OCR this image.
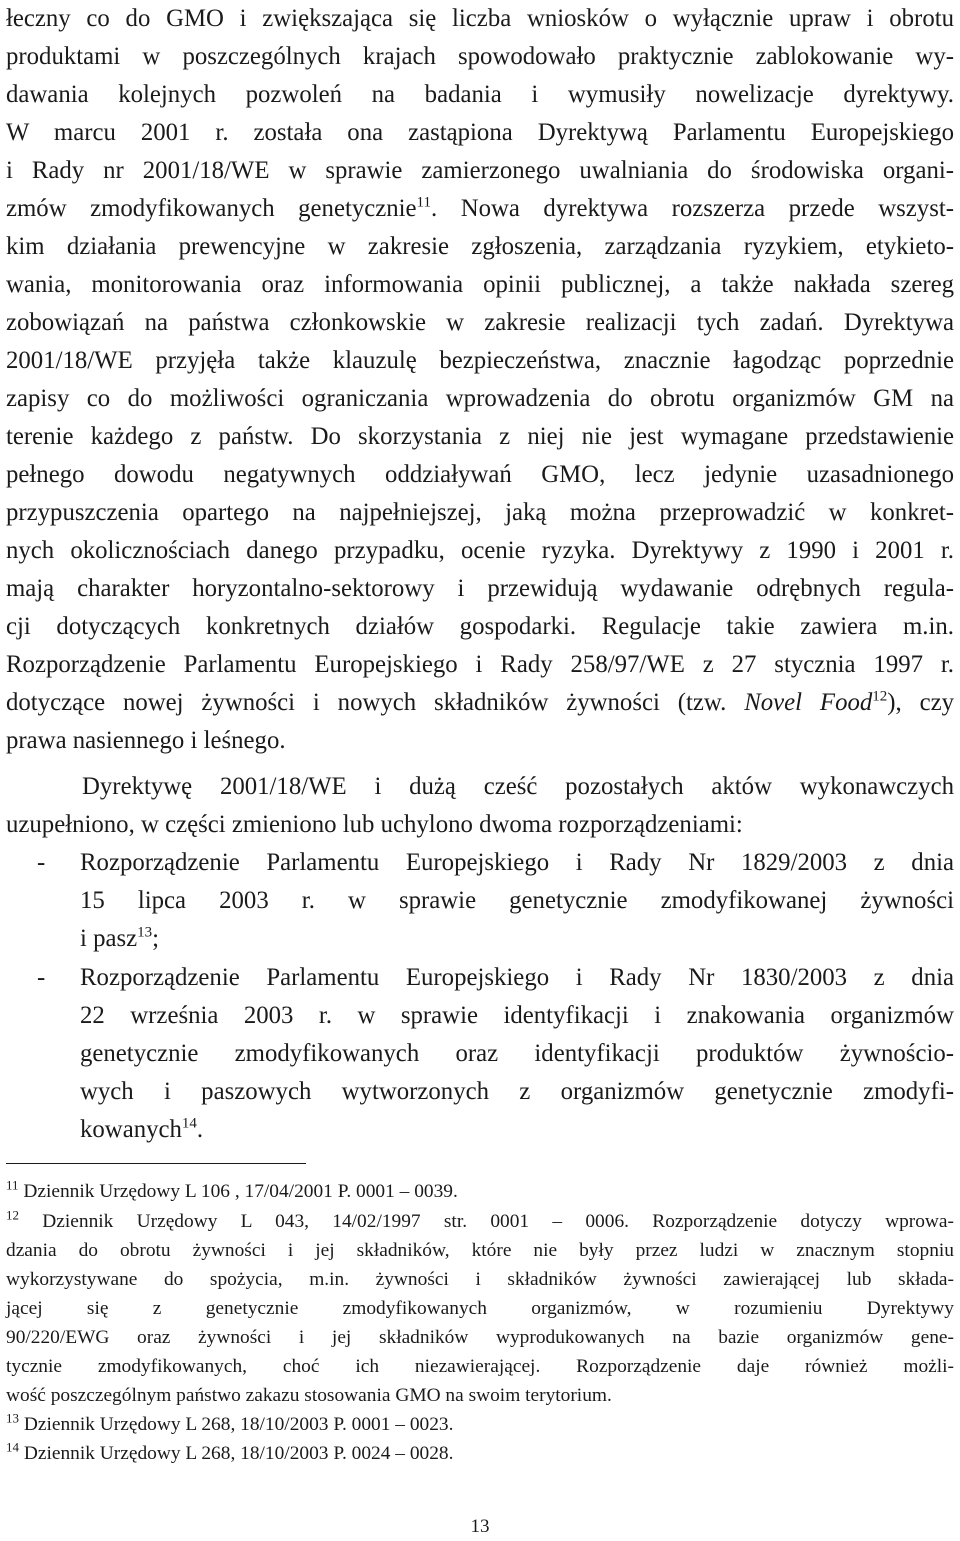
łeczny co do GMO i zwiększająca się liczba wniosków o wyłącznie upraw i obrotu
produktami w poszczególnych krajach spowodowało praktycznie zablokowanie wy-
dawania kolejnych pozwoleń na badania i wymusiły nowelizacje dyrektywy.
W marcu 2001 r. została ona zastąpiona Dyrektywą Parlamentu Europejskiego
i Rady nr 2001/18/WE w sprawie zamierzonego uwalniania do środowiska organi-
zmów zmodyfikowanych genetycznie$^{11}$. Nowa dyrektywa rozszerza przede wszyst-
kim działania prewencyjne w zakresie zgłoszenia, zarządzania ryzykiem, etykieto-
wania, monitorowania oraz informowania opinii publicznej, a także nakłada szereg
zobowiązań na państwa członkowskie w zakresie realizacji tych zadań. Dyrektywa
2001/18/WE przyjęła także klauzulę bezpieczeństwa, znacznie łagodząc poprzednie
zapisy co do możliwości ograniczania wprowadzenia do obrotu organizmów GM na
terenie każdego z państw. Do skorzystania z niej nie jest wymagane przedstawienie
pełnego dowodu negatywnych oddziaływań GMO, lecz jedynie uzasadnionego
przypuszczenia opartego na najpełniejszej, jaką można przeprowadzić w konkret-
nych okolicznościach danego przypadku, ocenie ryzyka. Dyrektywy z 1990 i 2001 r.
mają charakter horyzontalno-sektorowy i przewidują wydawanie odrębnych regula-
cji dotyczących konkretnych działów gospodarki. Regulacje takie zawiera m.in.
Rozporządzenie Parlamentu Europejskiego i Rady 258/97/WE z 27 stycznia 1997 r.
dotyczące nowej żywności i nowych składników żywności (tzw. Novel Food$^{12}$), czy
prawa nasiennego i leśnego.
Dyrektywę 2001/18/WE i dużą cześć pozostałych aktów wykonawczych
uzupełniono, w części zmieniono lub uchylono dwoma rozporządzeniami:
- Rozporządzenie Parlamentu Europejskiego i Rady Nr 1829/2003 z dnia
15 lipca 2003 r. w sprawie genetycznie zmodyfikowanej żywności
i pasz$^{13}$;
- Rozporządzenie Parlamentu Europejskiego i Rady Nr 1830/2003 z dnia
22 września 2003 r. w sprawie identyfikacji i znakowania organizmów
genetycznie zmodyfikowanych oraz identyfikacji produktów żywnościo-
wych i paszowych wytworzonych z organizmów genetycznie zmodyfi-
kowanych$^{14}$.
$^{11}$ Dziennik Urzędowy L 106 , 17/04/2001 P. 0001 – 0039.
$^{12}$ Dziennik Urzędowy L 043, 14/02/1997 str. 0001 – 0006. Rozporządzenie dotyczy wprowa-
dzania do obrotu żywności i jej składników, które nie były przez ludzi w znacznym stopniu
wykorzystywane do spożycia, m.in. żywności i składników żywności zawierającej lub składa-
jącej się z genetycznie zmodyfikowanych organizmów, w rozumieniu Dyrektywy
90/220/EWG oraz żywności i jej składników wyprodukowanych na bazie organizmów gene-
tycznie zmodyfikowanych, choć ich niezawierającej. Rozporządzenie daje również możli-
wość poszczególnym państwo zakazu stosowania GMO na swoim terytorium.
$^{13}$ Dziennik Urzędowy L 268, 18/10/2003 P. 0001 – 0023.
$^{14}$ Dziennik Urzędowy L 268, 18/10/2003 P. 0024 – 0028.
13
